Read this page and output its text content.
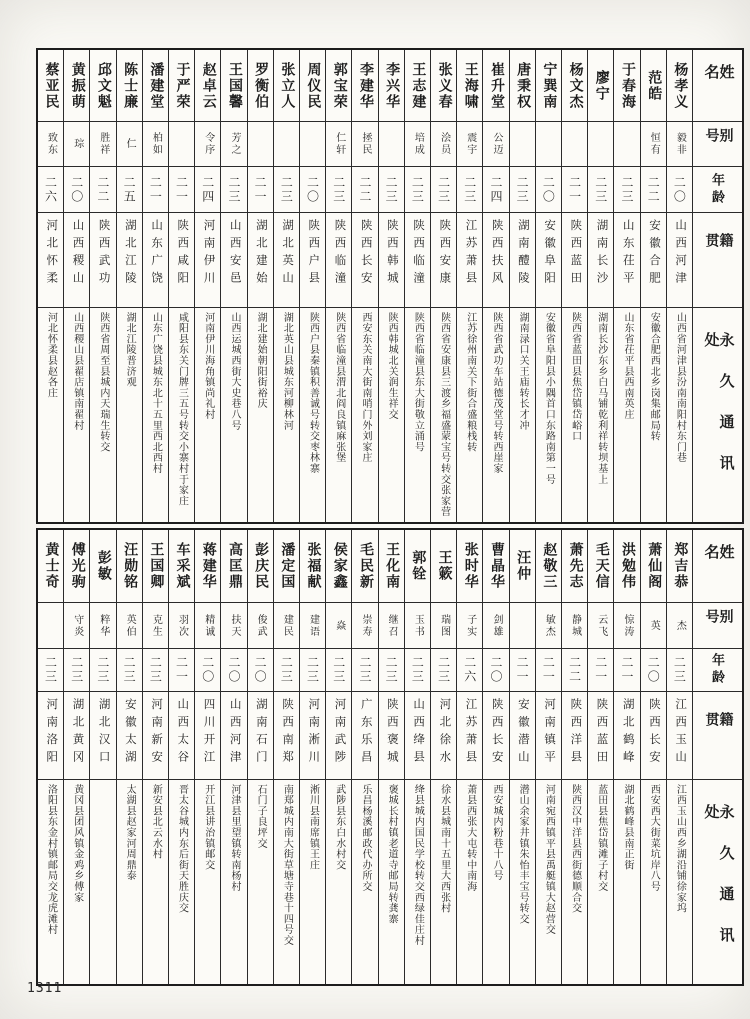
姓名
别号
年龄
籍贯
永久通讯处
杨孝义
毅非
二〇
山西河津
山西省河津县汾南南阳村东门巷
范皓
恒有
二二
安徽合肥
安徽合肥西北乡岗集邮局转
于春海
二三
山东茌平
山东省茌平县西南英庄
廖宁
二三
湖南长沙
湖南长沙东乡白马铺乾利祥转坝基上
杨文杰
二一
陕西蓝田
陕西省蓝田县焦岱镇岱峪口
宁巽南
二〇
安徽阜阳
安徽省阜阳县小隅首口东路南第一号
唐秉权
二三
湖南醴陵
湖南渌口关王庙转长才冲
崔升堂
公迈
二四
陕西扶风
陕西省武功车站德茂堂号转西崖家
王海啸
震宇
二三
江苏萧县
江苏徐州南关下街合盛粮栈转
张义春
浍员
二三
陕西安康
陕西省安康县三渡乡福盛蒙宝号转交张家营
王志建
培成
二三
陕西临潼
陕西省临潼县东大街敬立涌号
李兴华
二三
陕西韩城
陕西韩城北关润生祥交
李建华
拯民
二二
陕西长安
西安东关南大街南哨门外刘家庄
郭宝荣
仁轩
二三
陕西临潼
陕西省临潼县渭北阎良镇麻张堡
周仪民
二〇
陕西户县
陕西户县秦镇积善诚号转交枣林寨
张立人
二三
湖北英山
湖北英山县城东河柳林河
罗衡伯
二一
湖北建始
湖北建始朝阳街裕庆
王国馨
芳之
二三
山西安邑
山西运城西街大史巷八号
赵卓云
令序
二四
河南伊川
河南伊川海角镇尚礼村
于严荣
二一
陕西咸阳
咸阳县东关门牌三五号转交小寨村于家庄
潘建堂
柏如
二一
山东广饶
山东广饶县城东北十五里西北西村
陈士廉
仁
二五
湖北江陵
湖北江陵普济观
邱文魁
胜祥
二二
陕西武功
陕西省周至县城内天瑞生转交
黄振萌
琮
二〇
山西稷山
山西稷山县翟店镇南翟村
蔡亚民
致东
二六
河北怀柔
河北怀柔县赵各庄
姓名
别号
年龄
籍贯
永久通讯处
郑吉恭
杰
二三
江西玉山
江西玉山西乡湖沿铺徐家坞
萧仙阁
英
二〇
陕西长安
西安西大街菜坑岸八号
洪勉伟
惊涛
二一
湖北鹤峰
湖北鹤峰县南正街
毛天信
云飞
二一
陕西蓝田
蓝田县焦岱镇滩子村交
萧先志
静城
二二
陕西洋县
陕西汉中洋县西街德顺合交
赵敬三
敏杰
二一
河南镇平
河南宛西镇平县禹艇镇大赵营交
汪仲
二一
安徽潜山
潜山余家井镇朱怡丰宝号转交
曹晶华
剑雄
二〇
陕西长安
西安城内粉巷十八号
张时华
子实
二六
江苏萧县
萧县西张大屯转中南海
王簌
瑞图
二三
河北徐水
徐水县城南十五里大西张村
郭铨
玉书
二三
山西绛县
绛县城内国民学校转交西绿佳庄村
王化南
继召
二三
陕西褒城
褒城长村镇老道寺邮局转龚寨
毛民新
崇寿
二三
广东乐昌
乐昌杨溪邮政代办所交
侯家鑫
焱
二三
河南武陟
武陟县东白水村交
张福献
建语
二三
河南淅川
淅川县南席镇王庄
潘定国
建民
二三
陕西南郑
南郑城内南大街草塘寺巷十四号交
彭庆民
俊武
二〇
湖南石门
石门子良坪交
高匡鼎
扶天
二〇
山西河津
河津县里望镇转南杨村
蒋建华
精诚
二〇
四川开江
开江县讲治镇邮交
车采斌
羽次
二一
山西太谷
晋太谷城内东后街天胜庆交
王国卿
克生
二三
河南新安
新安县北云水村
汪勋铭
英伯
二三
安徽太湖
太湖县赵家河周鼎泰
彭敏
粹华
二三
湖北汉口
傅光驹
守炎
二三
湖北黄冈
黄冈县团风镇金鸡乡傅家
黄士奇
二三
河南洛阳
洛阳县东金村镇邮局交龙虎滩村
1311
